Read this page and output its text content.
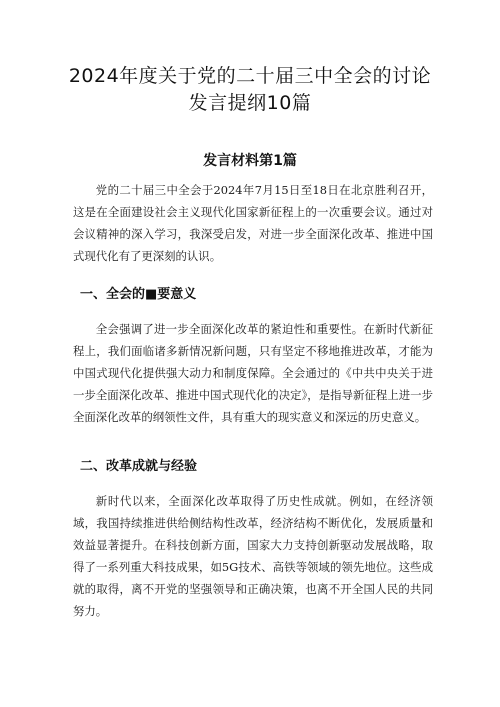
2024年度关于党的二十届三中全会的讨论
发言提纲10篇
发言材料第1篇

党的二十届三中全会于2024年7月15日至18日在北京胜利召开，这是在全面建设社会主义现代化国家新征程上的一次重要会议。通过对会议精神的深入学习，我深受启发，对进一步全面深化改革、推进中国式现代化有了更深刻的认识。

一、全会的■要意义

全会强调了进一步全面深化改革的紧迫性和重要性。在新时代新征程上，我们面临诸多新情况新问题，只有坚定不移地推进改革，才能为中国式现代化提供强大动力和制度保障。全会通过的《中共中央关于进一步全面深化改革、推进中国式现代化的决定》，是指导新征程上进一步全面深化改革的纲领性文件，具有重大的现实意义和深远的历史意义。

二、改革成就与经验

新时代以来，全面深化改革取得了历史性成就。例如，在经济领域，我国持续推进供给侧结构性改革，经济结构不断优化，发展质量和效益显著提升。在科技创新方面，国家大力支持创新驱动发展战略，取得了一系列重大科技成果，如5G技术、高铁等领域的领先地位。这些成就的取得，离不开党的坚强领导和正确决策，也离不开全国人民的共同努力。
